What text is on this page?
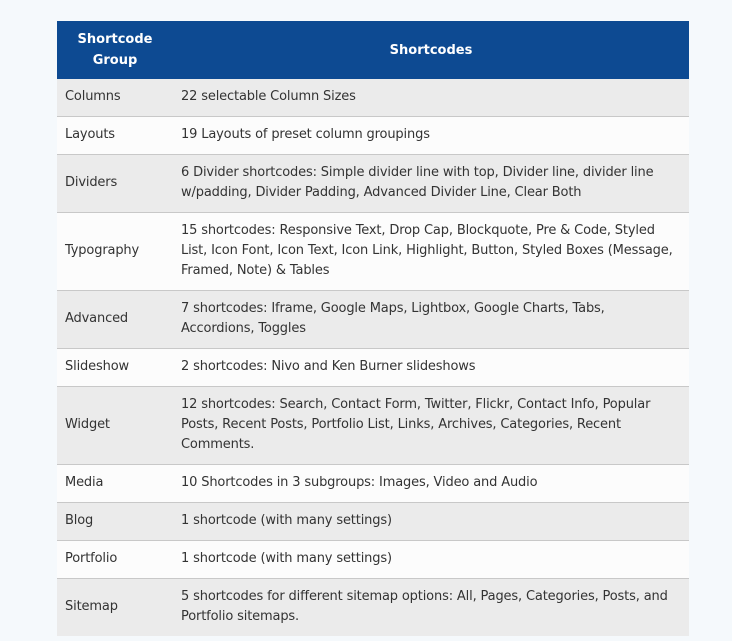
Shortcode
Group	Shortcodes
Columns	22 selectable Column Sizes
Layouts	19 Layouts of preset column groupings
Dividers	6 Divider shortcodes: Simple divider line with top, Divider line, divider line w/padding, Divider Padding, Advanced Divider Line, Clear Both
Typography	15 shortcodes: Responsive Text, Drop Cap, Blockquote, Pre & Code, Styled List, Icon Font, Icon Text, Icon Link, Highlight, Button, Styled Boxes (Message, Framed, Note) & Tables
Advanced	7 shortcodes: Iframe, Google Maps, Lightbox, Google Charts, Tabs, Accordions, Toggles
Slideshow	2 shortcodes: Nivo and Ken Burner slideshows
Widget	12 shortcodes: Search, Contact Form, Twitter, Flickr, Contact Info, Popular Posts, Recent Posts, Portfolio List, Links, Archives, Categories, Recent Comments.
Media	10 Shortcodes in 3 subgroups: Images, Video and Audio
Blog	1 shortcode (with many settings)
Portfolio	1 shortcode (with many settings)
Sitemap	5 shortcodes for different sitemap options: All, Pages, Categories, Posts, and Portfolio sitemaps.
